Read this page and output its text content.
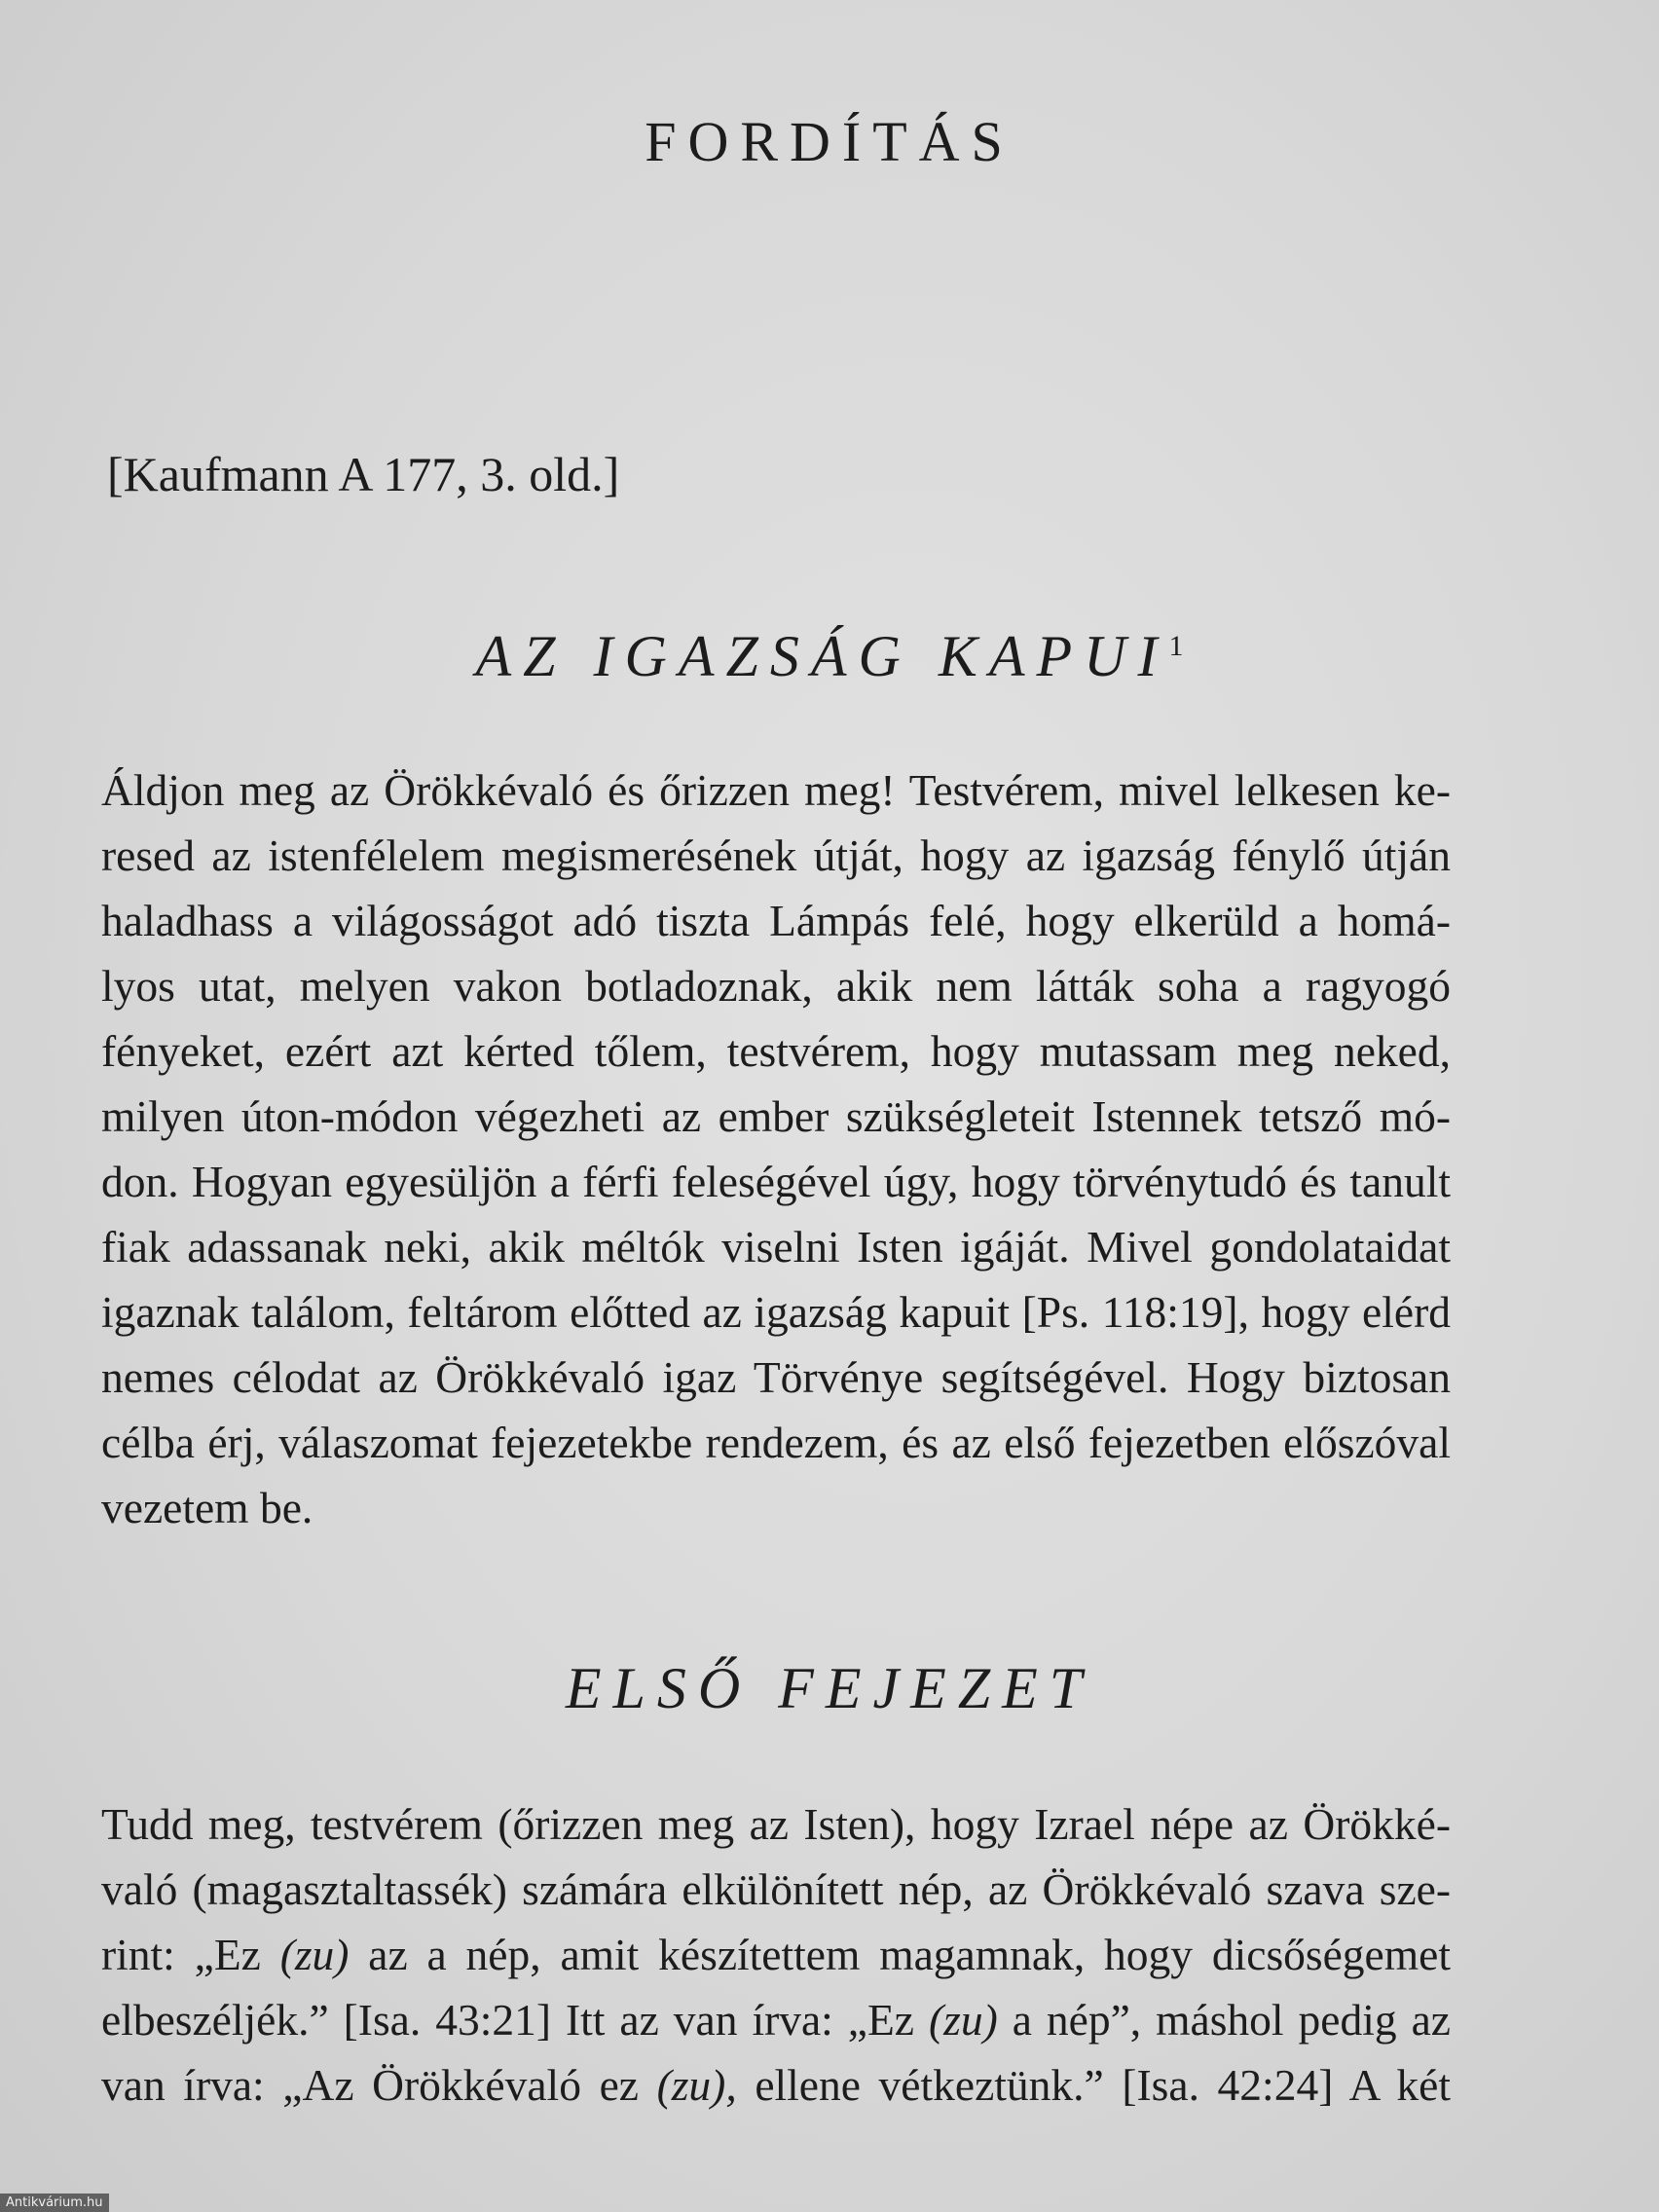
FORDÍTÁS

[Kaufmann A 177, 3. old.]

AZ IGAZSÁG KAPUI$^1$
Áldjon meg az Örökkévaló és őrizzen meg! Testvérem, mivel lelkesen ke-
resed az istenfélelem megismerésének útját, hogy az igazság fénylő útján
haladhass a világosságot adó tiszta Lámpás felé, hogy elkerüld a homá-
lyos utat, melyen vakon botladoznak, akik nem látták soha a ragyogó
fényeket, ezért azt kérted tőlem, testvérem, hogy mutassam meg neked,
milyen úton-módon végezheti az ember szükségleteit Istennek tetsző mó-
don. Hogyan egyesüljön a férfi feleségével úgy, hogy törvénytudó és tanult
fiak adassanak neki, akik méltók viselni Isten igáját. Mivel gondolataidat
igaznak találom, feltárom előtted az igazság kapuit [Ps. 118:19], hogy elérd
nemes célodat az Örökkévaló igaz Törvénye segítségével. Hogy biztosan
célba érj, válaszomat fejezetekbe rendezem, és az első fejezetben előszóval
vezetem be.
ELSŐ FEJEZET
Tudd meg, testvérem (őrizzen meg az Isten), hogy Izrael népe az Örökké-
való (magasztaltassék) számára elkülönített nép, az Örökkévaló szava sze-
rint: „Ez (zu) az a nép, amit készítettem magamnak, hogy dicsőségemet
elbeszéljék.” [Isa. 43:21] Itt az van írva: „Ez (zu) a nép”, máshol pedig az
van írva: „Az Örökkévaló ez (zu), ellene vétkeztünk.” [Isa. 42:24] A két
Antikvárium.hu
